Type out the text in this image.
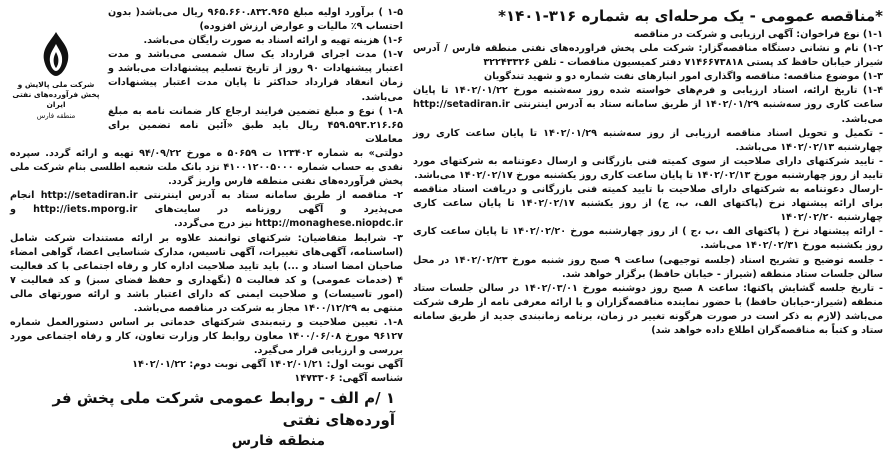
*مناقصه عمومی - یک مرحله‌ای به شماره ۳۱۶-۱۴۰۱*
۱-۱) نوع فراخوان: آگهی ارزیابی و شرکت در مناقصه
۱-۲) نام و نشانی دستگاه مناقصه‌گزار: شرکت ملی پخش فراورده‌های نفتی منطقه فارس / آدرس شیراز خیابان حافظ کد پستی ۷۱۴۶۶۷۳۸۱۸ دفتر کمیسیون مناقصات - تلفن ۳۲۲۴۳۳۲۶
۱-۳) موضوع مناقصه: مناقصه واگذاری امور انبارهای نفت شماره دو و شهید تندگویان
۱-۴) تاریخ ارائه، اسناد ارزیابی و فرم‌های خواسته شده روز سه‌شنبه مورخ ۱۴۰۲/۰۱/۲۲ تا پایان ساعت کاری روز سه‌شنبه ۱۴۰۲/۰۱/۲۹ از طریق سامانه ستاد به آدرس اینترنتی http://setadiran.ir می‌باشد.
- تکمیل و تحویل اسناد مناقصه ارزیابی از روز سه‌شنبه ۱۴۰۲/۰۱/۲۹ تا پایان ساعت کاری روز چهارشنبه ۱۴۰۲/۰۲/۱۳ می‌باشد.
- تایید شرکتهای دارای صلاحیت از سوی کمیته فنی بازرگانی و ارسال دعوتنامه به شرکتهای مورد تایید از روز چهارشنبه مورخ ۱۴۰۲/۰۲/۱۳ تا پایان ساعت کاری روز یکشنبه مورخ ۱۴۰۲/۰۲/۱۷ می‌باشد.
-ارسال دعوتنامه به شرکتهای دارای صلاحیت با تایید کمیته فنی بازرگانی و دریافت اسناد مناقصه برای ارائه پیشنهاد نرخ (پاکتهای الف، ب، ج) از روز یکشنبه ۱۴۰۲/۰۲/۱۷ تا پایان ساعت کاری چهارشنبه ۱۴۰۲/۰۲/۲۰
- ارائه پیشنهاد نرخ ( پاکتهای الف ،ب ،ج ) از روز چهارشنبه مورخ ۱۴۰۲/۰۲/۲۰ تا پایان ساعت کاری روز یکشنبه مورخ ۱۴۰۲/۰۲/۳۱ می‌باشد.
- جلسه توضیح و تشریح اسناد (جلسه توجیهی) ساعت ۹ صبح روز شنبه مورخ ۱۴۰۲/۰۲/۲۳ در محل سالن جلسات ستاد منطقه (شیراز - خیابان حافظ) برگزار خواهد شد.
- تاریخ جلسه گشایش پاکتها: ساعت ۸ صبح روز دوشنبه مورخ ۱۴۰۲/۰۳/۰۱ در سالن جلسات ستاد منطقه (شیراز-خیابان حافظ) با حضور نماینده مناقصه‌گزاران و یا ارائه معرفی نامه از طرف شرکت می‌باشد (لازم به ذکر است در صورت هرگونه تغییر در زمان، برنامه زمانبندی جدید از طریق سامانه ستاد و کتباً به مناقصه‌گران اطلاع داده خواهد شد)
۱-۵ ) برآورد اولیه مبلغ ۹۶۵.۶۶۰.۸۳۲.۹۶۵ ریال می‌باشد( بدون احتساب ۹٪ مالیات و عوارض ارزش افزوده)
۱-۶) هزینه تهیه و ارائه اسناد به صورت رایگان می‌باشد.
۱-۷) مدت اجرای قرارداد یک سال شمسی می‌باشد و مدت اعتبار پیشنهادات ۹۰ روز از تاریخ تسلیم پیشنهادات می‌باشد و زمان انعقاد قرارداد حداکثر تا پایان مدت اعتبار پیشنهادات می‌باشد.
۱-۸ ) نوع و مبلغ تضمین فرایند ارجاع کار ضمانت نامه به مبلغ ۴۵۹.۵۹۳.۲۱۶.۶۵ ریال باید طبق «آئین نامه تضمین برای معاملات
شرکت ملی پالایش و پخش فرآورده‌های نفتی ایران
منطقه فارس
دولتی» به شماره ۱۲۳۴۰۲ ت ۵۰۶۵۹ ه مورخ ۹۴/۰۹/۲۲ تهیه و ارائه گردد. سپرده نقدی به حساب شماره ۴۱۰۰۱۲۰۰۵۰۰۰ نزد بانک ملت شعبه اطلسی بنام شرکت ملی پخش فرآورده‌های نفتی منطقه فارس واریز گردد.
۲- مناقصه از طریق سامانه ستاد به آدرس اینترنتی http://setadiran.ir انجام می‌پذیرد و آگهی روزنامه در سایت‌های http://iets.mporg.ir و http://monaghese.niopdc.ir نیز درج می‌گردد.
۳- شرایط متقاضیان: شرکتهای توانمند علاوه بر ارائه مستندات شرکت شامل (اساسنامه، آگهی‌های تغییرات، آگهی تاسیس، مدارک شناسایی اعضا، گواهی امضاء صاحبان امضا اسناد و ...) باید تایید صلاحیت اداره کار و رفاه اجتماعی با کد فعالیت ۴ (خدمات عمومی) و کد فعالیت ۵ (نگهداری و حفظ فضای سبز) و کد فعالیت ۷ (امور تاسیسات) و صلاحیت ایمنی که دارای اعتبار باشد و ارائه صورتهای مالی منتهی به ۱۴۰۰/۱۲/۲۹ مجاز به شرکت در مناقصه می‌باشد.
۱-۸. تعیین صلاحیت و رتبه‌بندی شرکتهای خدماتی بر اساس دستورالعمل شماره ۹۶۱۲۷ مورخ ۱۴۰۰/۰۶/۰۸ معاون روابط کار وزارت تعاون، کار و رفاه اجتماعی مورد بررسی و ارزیابی قرار می‌گیرد.
آگهی نوبت اول: ۱۴۰۲/۰۱/۲۱ آگهی نوبت دوم: ۱۴۰۲/۰۱/۲۲
شناسه آگهی: ۱۴۷۳۳۰۶
۱ /م الف - روابط عمومی شرکت ملی پخش فر آورده‌های نفتی
منطقه فارس
